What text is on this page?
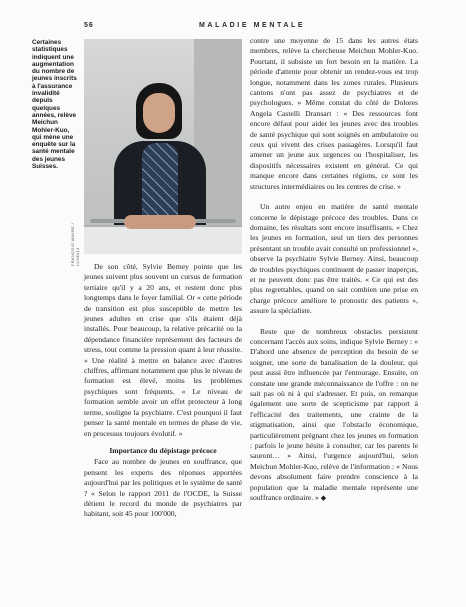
56	MALADIE MENTALE
Certaines statistiques indiquent une augmentation du nombre de jeunes inscrits à l'assurance invalidité depuis quelques années, relève Meichun Mohler-Kuo, qui mène une enquête sur la santé mentale des jeunes Suisses.
FRANÇOIS WAVRE / LUNDI13

De son côté, Sylvie Berney pointe que les jeunes suivent plus souvent un cursus de formation tertiaire qu'il y a 20 ans, et restent donc plus longtemps dans le foyer familial. Or « cette période de transition est plus susceptible de mettre les jeunes adultes en crise que s'ils étaient déjà installés. Pour beaucoup, la relative précarité ou la dépendance financière représentent des facteurs de stress, tout comme la pression quant à leur réussite. » Une réalité à mettre en balance avec d'autres chiffres, affirmant notamment que plus le niveau de formation est élevé, moins les problèmes psychiques sont fréquents. « Le niveau de formation semble avoir un effet protecteur à long terme, souligne la psychiatre. C'est pourquoi il faut penser la santé mentale en termes de phase de vie, en processus toujours évolutif. »

Importance du dépistage précoce

Face au nombre de jeunes en souffrance, que pensent les experts des réponses apportées aujourd'hui par les politiques et le système de santé ? « Selon le rapport 2011 de l'OCDE, la Suisse détient le record du monde de psychiatres par habitant, soit 45 pour 100'000,

contre une moyenne de 15 dans les autres états membres, relève la chercheuse Meichun Mohler-Kuo. Pourtant, il subsiste un fort besoin en la matière. La période d'attente pour obtenir un rendez-vous est trop longue, notamment dans les zones rurales. Plusieurs cantons n'ont pas assez de psychiatres et de psychologues. » Même constat du côté de Dolores Angela Castelli Dransart : « Des ressources font encore défaut pour aider les jeunes avec des troubles de santé psychique qui sont soignés en ambulatoire ou ceux qui vivent des crises passagères. Lorsqu'il faut amener un jeune aux urgences ou l'hospitaliser, les dispositifs nécessaires existent en général. Ce qui manque encore dans certaines régions, ce sont les structures intermédiaires ou les centres de crise. »

Un autre enjeu en matière de santé mentale concerne le dépistage précoce des troubles. Dans ce domaine, les résultats sont encore insuffisants. « Chez les jeunes en formation, seul un tiers des personnes présentant un trouble avait consulté un professionnel », observe la psychiatre Sylvie Berney. Ainsi, beaucoup de troubles psychiques continuent de passer inaperçus, et ne peuvent donc pas être traités. « Ce qui est des plus regrettables, quand on sait combien une prise en charge précoce améliore le pronostic des patients », assure la spécialiste.

Reste que de nombreux obstacles persistent concernant l'accès aux soins, indique Sylvie Berney : « D'abord une absence de perception du besoin de se soigner, une sorte de banalisation de la douleur, qui peut aussi être influencée par l'entourage. Ensuite, on constate une grande méconnaissance de l'offre : on ne sait pas où ni à qui s'adresser. Et puis, on remarque également une sorte de scepticisme par rapport à l'efficacité des traitements, une crainte de la stigmatisation, ainsi que l'obstacle économique, particulièrement prégnant chez les jeunes en formation : parfois le jeune hésite à consulter, car les parents le sauront… » Ainsi, l'urgence aujourd'hui, selon Meichun Mohler-Kuo, relève de l'information : « Nous devons absolument faire prendre conscience à la population que la maladie mentale représente une souffrance ordinaire. » ◆
